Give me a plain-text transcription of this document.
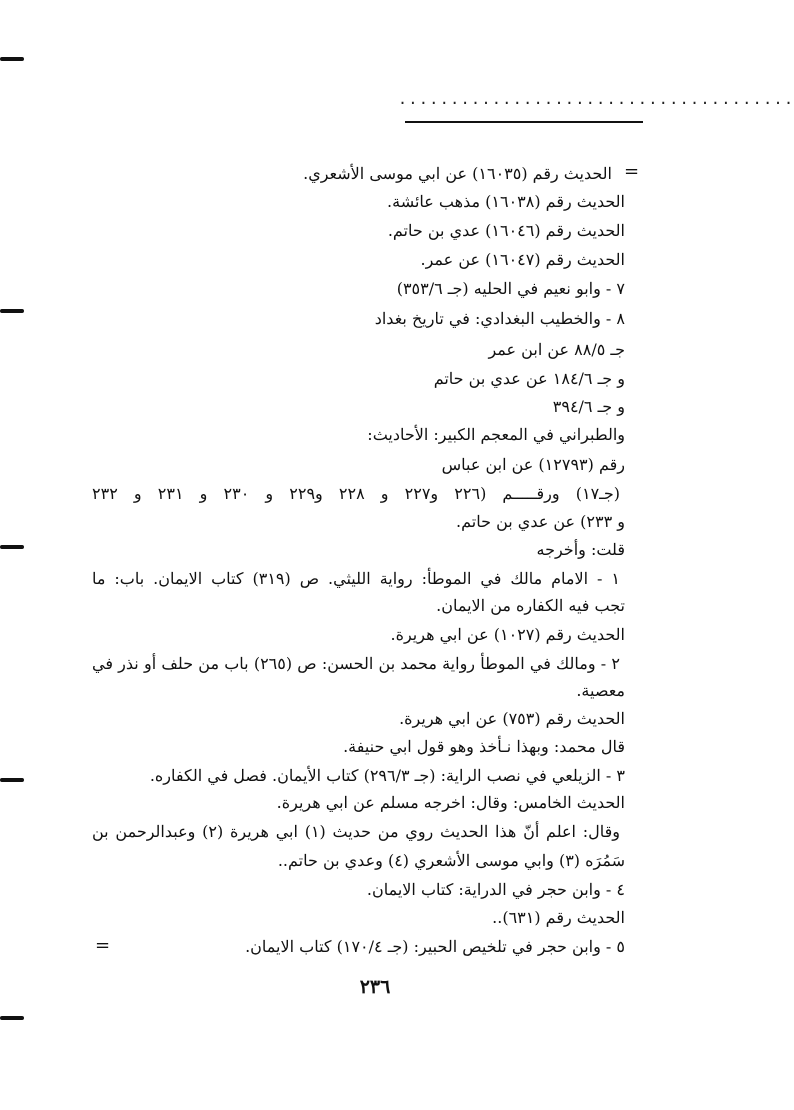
......................................
=
الحديث رقم (١٦٠٣٥) عن ابي موسى الأشعري.
الحديث رقم (١٦٠٣٨) مذهب عائشة.
الحديث رقم (١٦٠٤٦) عدي بن حاتم.
الحديث رقم (١٦٠٤٧) عن عمر.
٧ - وابو نعيم في الحليه (جـ ٣٥٣/٦)
٨ - والخطيب البغدادي: في تاريخ بغداد
جـ ٨٨/٥ عن ابن عمر
و جـ ١٨٤/٦ عن عدي بن حاتم
و جـ ٣٩٤/٦
والطبراني في المعجم الكبير: الأحاديث:
رقم (١٢٧٩٣) عن ابن عباس
(جـ١٧) ورقـــــم (٢٢٦ و٢٢٧ و ٢٢٨ و٢٢٩ و ٢٣٠ و ٢٣١ و ٢٣٢
و ٢٣٣) عن عدي بن حاتم.
قلت: وأخرجه
١ - الامام مالك في الموطأ: رواية الليثي. ص (٣١٩) كتاب الايمان. باب: ما
تجب فيه الكفاره من الايمان.
الحديث رقم (١٠٢٧) عن ابي هريرة.
٢ - ومالك في الموطأ رواية محمد بن الحسن: ص (٢٦٥) باب من حلف أو نذر في
معصية.
الحديث رقم (٧٥٣) عن ابي هريرة.
قال محمد: وبهذا نـأخذ وهو قول ابي حنيفة.
٣ - الزيلعي في نصب الراية: (جـ ٢٩٦/٣) كتاب الأيمان. فصل في الكفاره.
الحديث الخامس: وقال: اخرجه مسلم عن ابي هريرة.
وقال: اعلم أنّ هذا الحديث روي من حديث (١) ابي هريرة (٢) وعبدالرحمن بن
سَمُرَه (٣) وابي موسى الأشعري (٤) وعدي بن حاتم..
٤ - وابن حجر في الدراية: كتاب الايمان.
الحديث رقم (٦٣١)..
٥ - وابن حجر في تلخيص الحبير: (جـ ١٧٠/٤) كتاب الايمان.
=
٢٣٦
